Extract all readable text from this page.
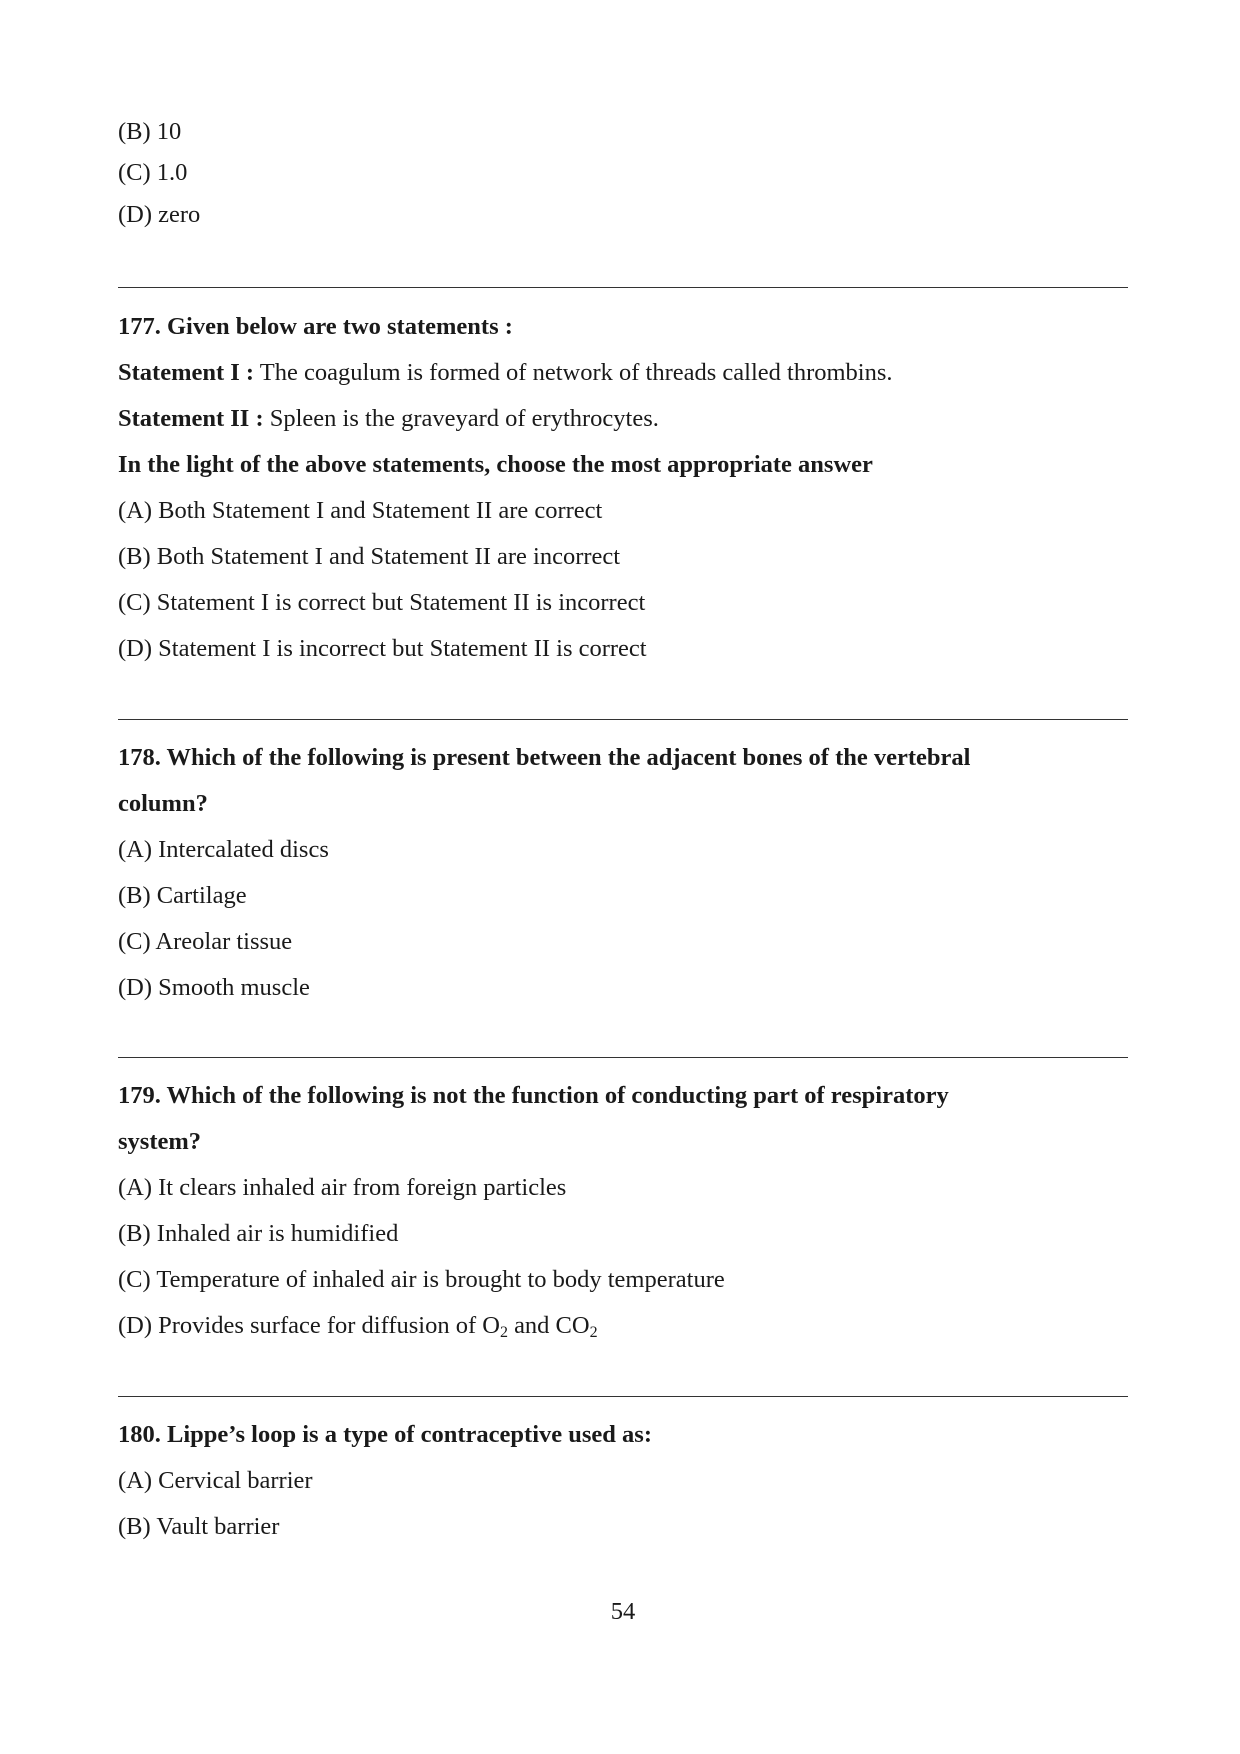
(B) 10
(C) 1.0
(D) zero
177. Given below are two statements :
Statement I : The coagulum is formed of network of threads called thrombins.
Statement II : Spleen is the graveyard of erythrocytes.
In the light of the above statements, choose the most appropriate answer
(A) Both Statement I and Statement II are correct
(B) Both Statement I and Statement II are incorrect
(C) Statement I is correct but Statement II is incorrect
(D) Statement I is incorrect but Statement II is correct
178. Which of the following is present between the adjacent bones of the vertebral
column?
(A) Intercalated discs
(B) Cartilage
(C) Areolar tissue
(D) Smooth muscle
179. Which of the following is not the function of conducting part of respiratory
system?
(A) It clears inhaled air from foreign particles
(B) Inhaled air is humidified
(C) Temperature of inhaled air is brought to body temperature
(D) Provides surface for diffusion of $O_2$ and $CO_2$
180. Lippe’s loop is a type of contraceptive used as:
(A) Cervical barrier
(B) Vault barrier
54
